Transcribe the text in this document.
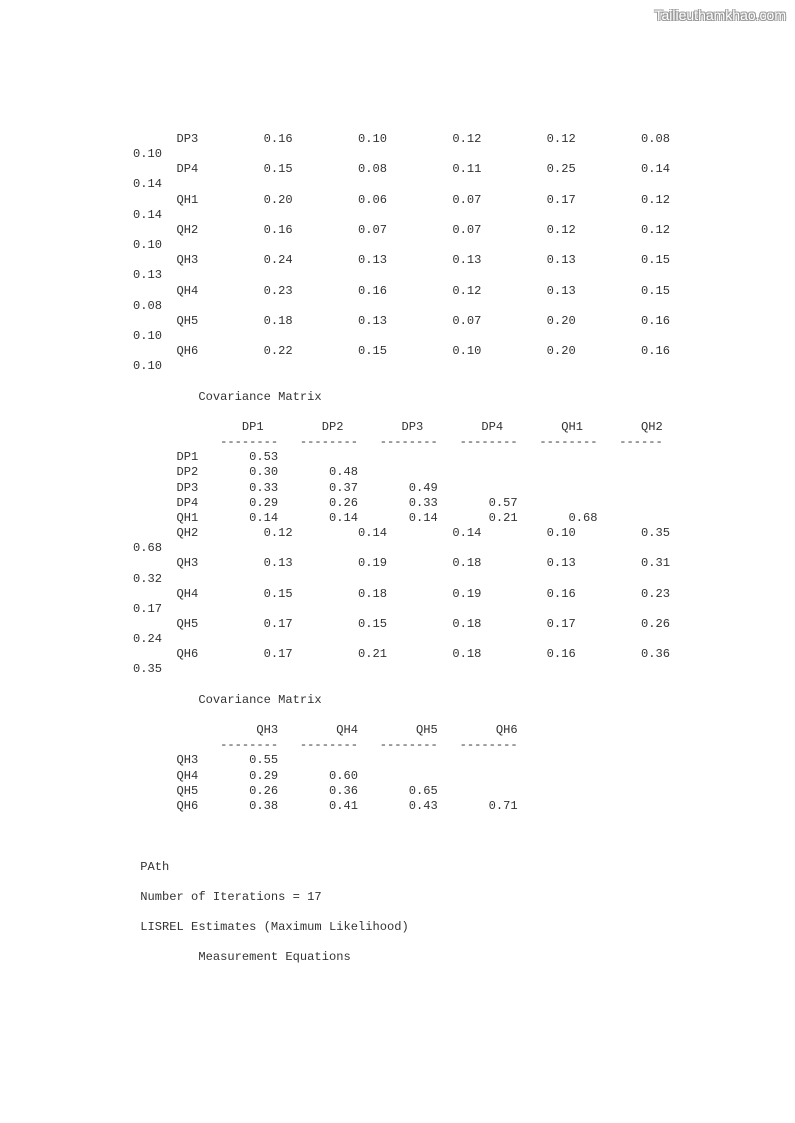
Tailieuthamkhao.com
DP3         0.16         0.10         0.12         0.12         0.08
0.10
DP4         0.15         0.08         0.11         0.25         0.14
0.14
QH1         0.20         0.06         0.07         0.17         0.12
0.14
QH2         0.16         0.07         0.07         0.12         0.12
0.10
QH3         0.24         0.13         0.13         0.13         0.15
0.13
QH4         0.23         0.16         0.12         0.13         0.15
0.08
QH5         0.18         0.13         0.07         0.20         0.16
0.10
QH6         0.22         0.15         0.10         0.20         0.16
0.10

Covariance Matrix

DP1        DP2        DP3        DP4        QH1        QH2
--------   --------   --------   --------   --------   ------
DP1       0.53
DP2       0.30       0.48
DP3       0.33       0.37       0.49
DP4       0.29       0.26       0.33       0.57
QH1       0.14       0.14       0.14       0.21       0.68
QH2         0.12         0.14         0.14         0.10         0.35
0.68
QH3         0.13         0.19         0.18         0.13         0.31
0.32
QH4         0.15         0.18         0.19         0.16         0.23
0.17
QH5         0.17         0.15         0.18         0.17         0.26
0.24
QH6         0.17         0.21         0.18         0.16         0.36
0.35

Covariance Matrix

QH3        QH4        QH5        QH6
--------   --------   --------   --------
QH3       0.55
QH4       0.29       0.60
QH5       0.26       0.36       0.65
QH6       0.38       0.41       0.43       0.71

PAth

Number of Iterations = 17

LISREL Estimates (Maximum Likelihood)

Measurement Equations
